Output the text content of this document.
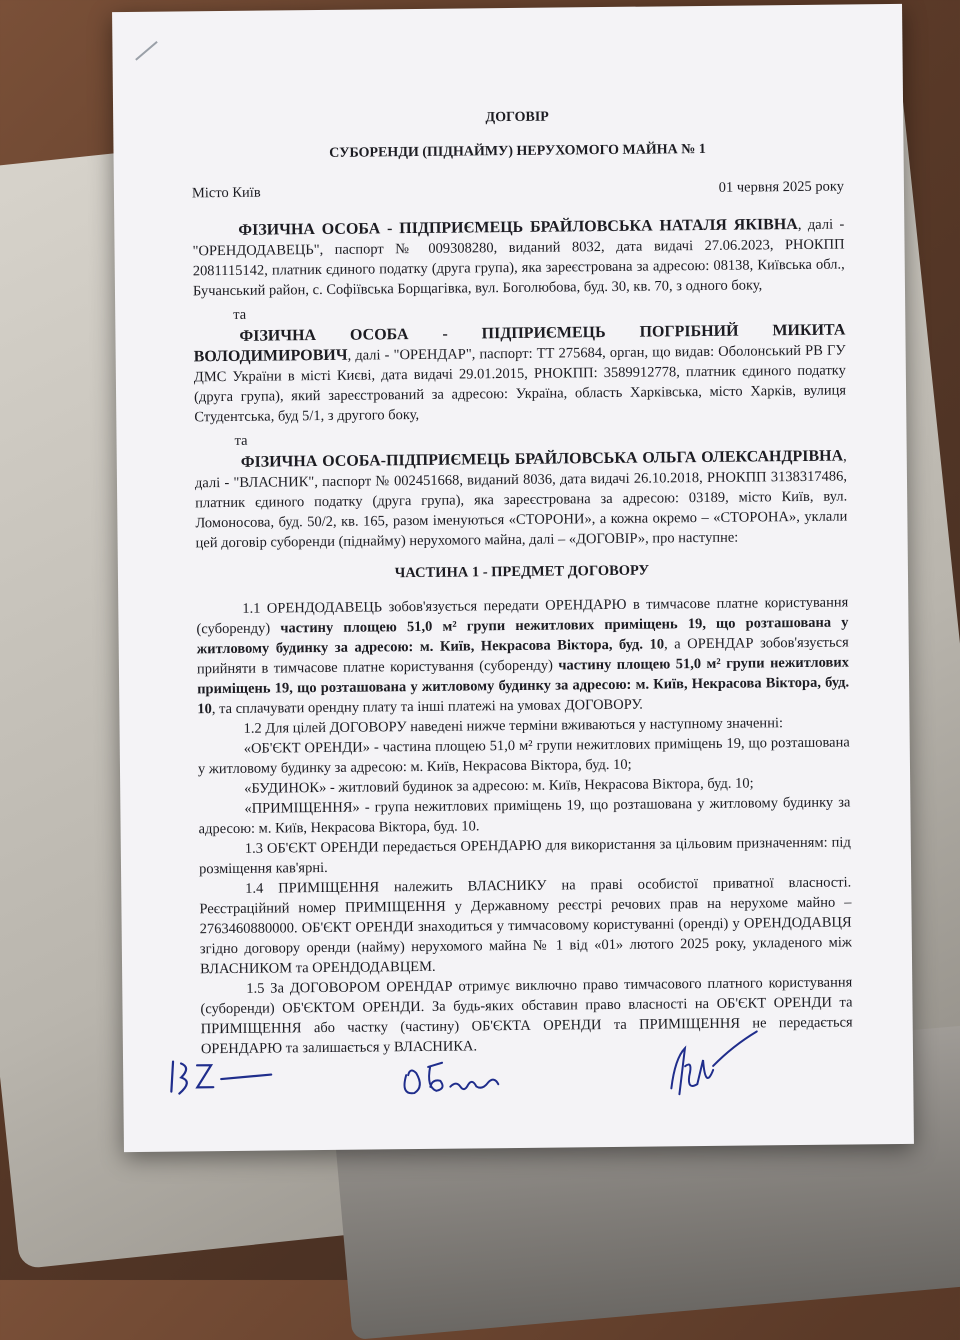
ДОГОВІР
СУБОРЕНДИ (ПІДНАЙМУ) НЕРУХОМОГО МАЙНА № 1
Місто Київ	01 червня 2025 року
ФІЗИЧНА ОСОБА - ПІДПРИЄМЕЦЬ БРАЙЛОВСЬКА НАТАЛЯ ЯКІВНА, далі - "ОРЕНДОДАВЕЦЬ", паспорт № 009308280, виданий 8032, дата видачі 27.06.2023, РНОКПП 2081115142, платник єдиного податку (друга група), яка зареєстрована за адресою: 08138, Київська обл., Бучанський район, с. Софіївська Борщагівка, вул. Боголюбова, буд. 30, кв. 70, з одного боку,
та
ФІЗИЧНА ОСОБА - ПІДПРИЄМЕЦЬ ПОГРІБНИЙ МИКИТА ВОЛОДИМИРОВИЧ, далі - "ОРЕНДАР", паспорт: ТТ 275684, орган, що видав: Оболонський РВ ГУ ДМС України в місті Києві, дата видачі 29.01.2015, РНОКПП: 3589912778, платник єдиного податку (друга група), який зареєстрований за адресою: Україна, область Харківська, місто Харків, вулиця Студентська, буд 5/1, з другого боку,
та
ФІЗИЧНА ОСОБА-ПІДПРИЄМЕЦЬ БРАЙЛОВСЬКА ОЛЬГА ОЛЕКСАНДРІВНА, далі - "ВЛАСНИК", паспорт № 002451668, виданий 8036, дата видачі 26.10.2018, РНОКПП 3138317486, платник єдиного податку (друга група), яка зареєстрована за адресою: 03189, місто Київ, вул. Ломоносова, буд. 50/2, кв. 165, разом іменуються «СТОРОНИ», а кожна окремо – «СТОРОНА», уклали цей договір суборенди (піднайму) нерухомого майна, далі – «ДОГОВІР», про наступне:
ЧАСТИНА 1 - ПРЕДМЕТ ДОГОВОРУ

1.1 ОРЕНДОДАВЕЦЬ зобов'язується передати ОРЕНДАРЮ в тимчасове платне користування (суборенду) частину площею 51,0 м² групи нежитлових приміщень 19, що розташована у житловому будинку за адресою: м. Київ, Некрасова Віктора, буд. 10, а ОРЕНДАР зобов'язується прийняти в тимчасове платне користування (суборенду) частину площею 51,0 м² групи нежитлових приміщень 19, що розташована у житловому будинку за адресою: м. Київ, Некрасова Віктора, буд. 10, та сплачувати орендну плату та інші платежі на умовах ДОГОВОРУ.

1.2 Для цілей ДОГОВОРУ наведені нижче терміни вживаються у наступному значенні:

«ОБ'ЄКТ ОРЕНДИ» - частина площею 51,0 м² групи нежитлових приміщень 19, що розташована у житловому будинку за адресою: м. Київ, Некрасова Віктора, буд. 10;

«БУДИНОК» - житловий будинок за адресою: м. Київ, Некрасова Віктора, буд. 10;

«ПРИМІЩЕННЯ» - група нежитлових приміщень 19, що розташована у житловому будинку за адресою: м. Київ, Некрасова Віктора, буд. 10.

1.3 ОБ'ЄКТ ОРЕНДИ передається ОРЕНДАРЮ для використання за цільовим призначенням: під розміщення кав'ярні.

1.4 ПРИМІЩЕННЯ належить ВЛАСНИКУ на праві особистої приватної власності. Реєстраційний номер ПРИМІЩЕННЯ у Державному реєстрі речових прав на нерухоме майно – 2763460880000. ОБ'ЄКТ ОРЕНДИ знаходиться у тимчасовому користуванні (оренді) у ОРЕНДОДАВЦЯ згідно договору оренди (найму) нерухомого майна № 1 від «01» лютого 2025 року, укладеного між ВЛАСНИКОМ та ОРЕНДОДАВЦЕМ.

1.5 За ДОГОВОРОМ ОРЕНДАР отримує виключно право тимчасового платного користування (суборенди) ОБ'ЄКТОМ ОРЕНДИ. За будь-яких обставин право власності на ОБ'ЄКТ ОРЕНДИ та ПРИМІЩЕННЯ або частку (частину) ОБ'ЄКТА ОРЕНДИ та ПРИМІЩЕННЯ не передається ОРЕНДАРЮ та залишається у ВЛАСНИКА.
